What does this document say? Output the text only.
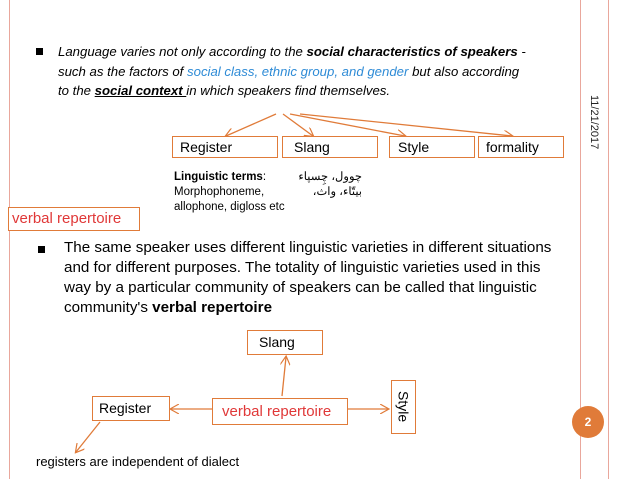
11/21/2017
Language varies not only according to the social characteristics of speakers - such as the factors of social class, ethnic group, and gender but also according to the social context in which speakers find themselves.
Register	Slang	Style	formality
Linguistic terms:
Morphophoneme,
allophone, digloss etc
چوول، چِسپاء
بيتّاء، واث،
verbal repertoire
The same speaker uses different linguistic varieties in different situations and for different purposes. The totality of linguistic varieties used in this way by a particular community of speakers can be called that linguistic community's verbal repertoire
Slang
Register	verbal repertoire	Style
registers are independent of dialect
2
